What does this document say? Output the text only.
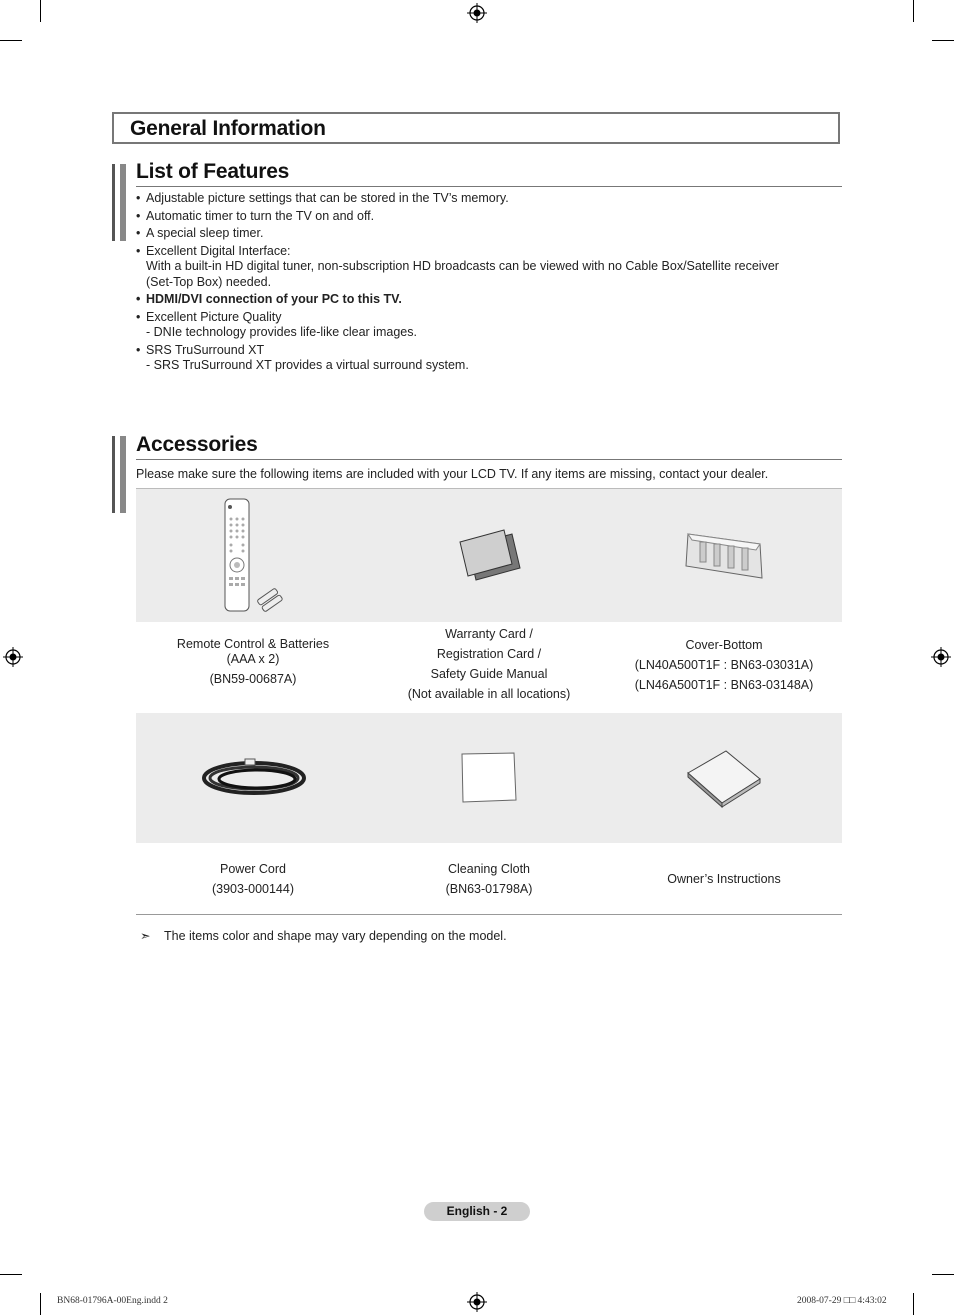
General Information
List of Features
• Adjustable picture settings that can be stored in the TV’s memory.
• Automatic timer to turn the TV on and off.
• A special sleep timer.
• Excellent Digital Interface:
With a built-in HD digital tuner, non-subscription HD broadcasts can be viewed with no Cable Box/Satellite receiver
(Set-Top Box) needed.
• HDMI/DVI connection of your PC to this TV.
• Excellent Picture Quality
- DNIe technology provides life-like clear images.
• SRS TruSurround XT
- SRS TruSurround XT provides a virtual surround system.
Accessories
Please make sure the following items are included with your LCD TV. If any items are missing, contact your dealer.
Remote Control & Batteries
(AAA x 2)
(BN59-00687A)
Warranty Card /
Registration Card /
Safety Guide Manual
(Not available in all locations)
Cover-Bottom
(LN40A500T1F : BN63-03031A)
(LN46A500T1F : BN63-03148A)
Power Cord
(3903-000144)
Cleaning Cloth
(BN63-01798A)
Owner’s Instructions
➣ The items color and shape may vary depending on the model.
English - 2
BN68-01796A-00Eng.indd 2	2008-07-29 □□ 4:43:02
